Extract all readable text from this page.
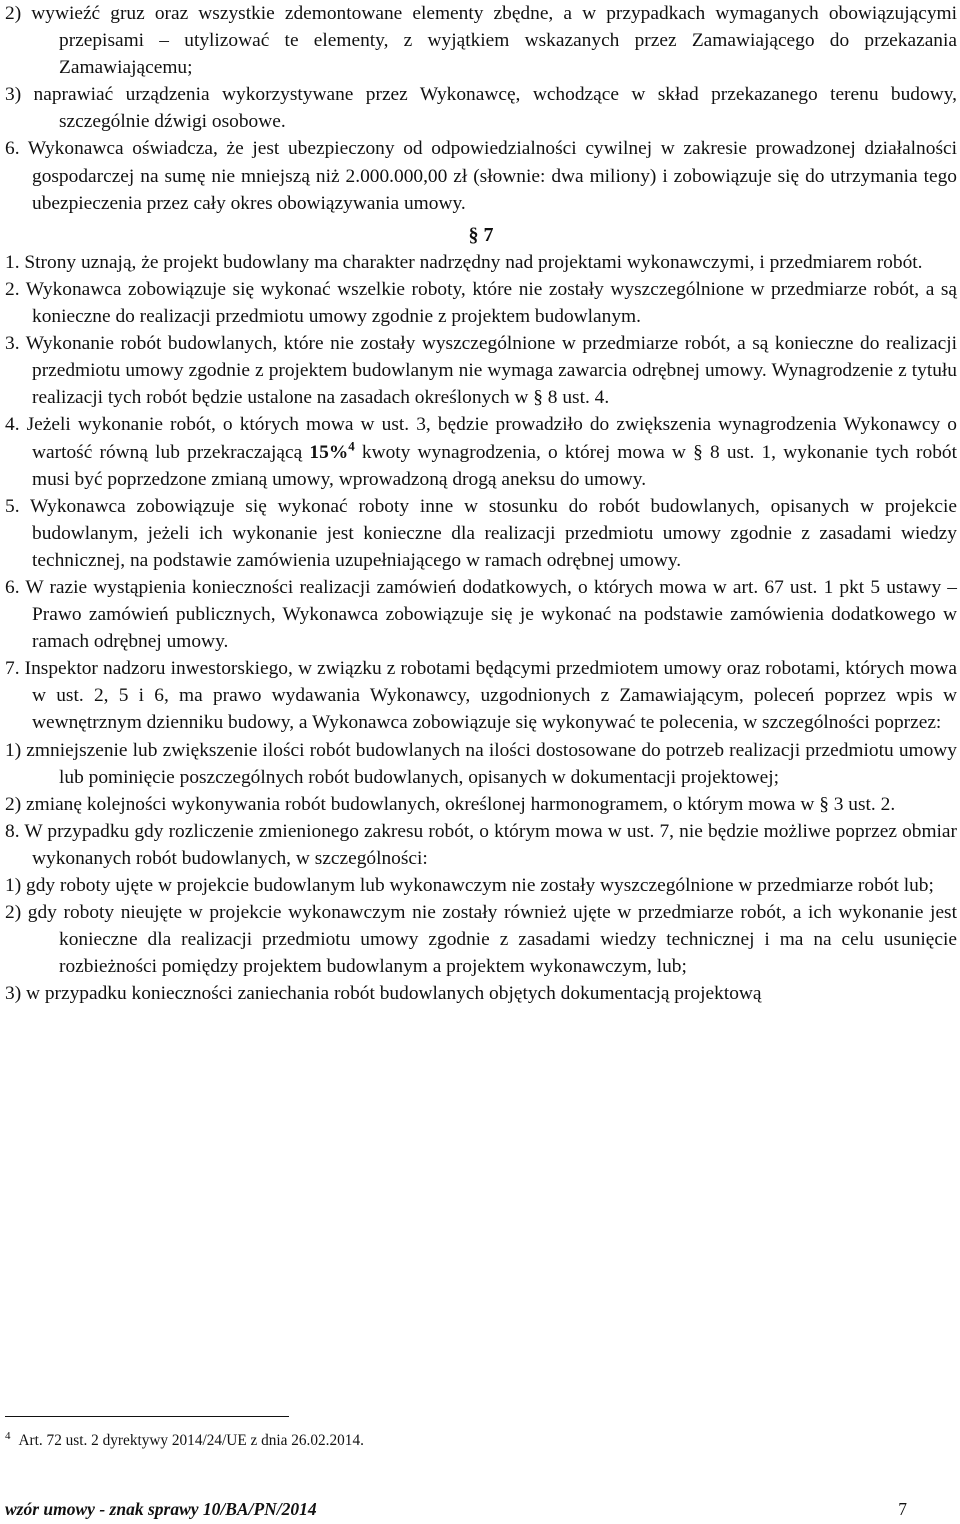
2) wywieźć gruz oraz wszystkie zdemontowane elementy zbędne, a w przypadkach wymaganych obowiązującymi przepisami – utylizować te elementy, z wyjątkiem wskazanych przez Zamawiającego do przekazania Zamawiającemu;

3) naprawiać urządzenia wykorzystywane przez Wykonawcę, wchodzące w skład przekazanego terenu budowy, szczególnie dźwigi osobowe.

6. Wykonawca oświadcza, że jest ubezpieczony od odpowiedzialności cywilnej w zakresie prowadzonej działalności gospodarczej na sumę nie mniejszą niż 2.000.000,00 zł (słownie: dwa miliony) i zobowiązuje się do utrzymania tego ubezpieczenia przez cały okres obowiązywania umowy.

§ 7

1. Strony uznają, że projekt budowlany ma charakter nadrzędny nad projektami wykonawczymi, i przedmiarem robót.

2. Wykonawca zobowiązuje się wykonać wszelkie roboty, które nie zostały wyszczególnione w przedmiarze robót, a są konieczne do realizacji przedmiotu umowy zgodnie z projektem budowlanym.

3. Wykonanie robót budowlanych, które nie zostały wyszczególnione w przedmiarze robót, a są konieczne do realizacji przedmiotu umowy zgodnie z projektem budowlanym nie wymaga zawarcia odrębnej umowy. Wynagrodzenie z tytułu realizacji tych robót będzie ustalone na zasadach określonych w § 8 ust. 4.

4. Jeżeli wykonanie robót, o których mowa w ust. 3, będzie prowadziło do zwiększenia wynagrodzenia Wykonawcy o wartość równą lub przekraczającą 15%$^4$ kwoty wynagrodzenia, o której mowa w § 8 ust. 1, wykonanie tych robót musi być poprzedzone zmianą umowy, wprowadzoną drogą aneksu do umowy.

5. Wykonawca zobowiązuje się wykonać roboty inne w stosunku do robót budowlanych, opisanych w projekcie budowlanym, jeżeli ich wykonanie jest konieczne dla realizacji przedmiotu umowy zgodnie z zasadami wiedzy technicznej, na podstawie zamówienia uzupełniającego w ramach odrębnej umowy.

6. W razie wystąpienia konieczności realizacji zamówień dodatkowych, o których mowa w art. 67 ust. 1 pkt 5 ustawy – Prawo zamówień publicznych, Wykonawca zobowiązuje się je wykonać na podstawie zamówienia dodatkowego w ramach odrębnej umowy.

7. Inspektor nadzoru inwestorskiego, w związku z robotami będącymi przedmiotem umowy oraz robotami, których mowa w ust. 2, 5 i 6, ma prawo wydawania Wykonawcy, uzgodnionych z Zamawiającym, poleceń poprzez wpis w wewnętrznym dzienniku budowy, a Wykonawca zobowiązuje się wykonywać te polecenia, w szczególności poprzez:

1) zmniejszenie lub zwiększenie ilości robót budowlanych na ilości dostosowane do potrzeb realizacji przedmiotu umowy lub pominięcie poszczególnych robót budowlanych, opisanych w dokumentacji projektowej;

2) zmianę kolejności wykonywania robót budowlanych, określonej harmonogramem, o którym mowa w § 3 ust. 2.

8. W przypadku gdy rozliczenie zmienionego zakresu robót, o którym mowa w ust. 7, nie będzie możliwe poprzez obmiar wykonanych robót budowlanych, w szczególności:

1) gdy roboty ujęte w projekcie budowlanym lub wykonawczym nie zostały wyszczególnione w przedmiarze robót lub;

2) gdy roboty nieujęte w projekcie wykonawczym nie zostały również ujęte w przedmiarze robót, a ich wykonanie jest konieczne dla realizacji przedmiotu umowy zgodnie z zasadami wiedzy technicznej i ma na celu usunięcie rozbieżności pomiędzy projektem budowlanym a projektem wykonawczym, lub;

3) w przypadku konieczności zaniechania robót budowlanych objętych dokumentacją projektową

$^4$ Art. 72 ust. 2 dyrektywy 2014/24/UE z dnia 26.02.2014.
wzór umowy - znak sprawy 10/BA/PN/2014	7
